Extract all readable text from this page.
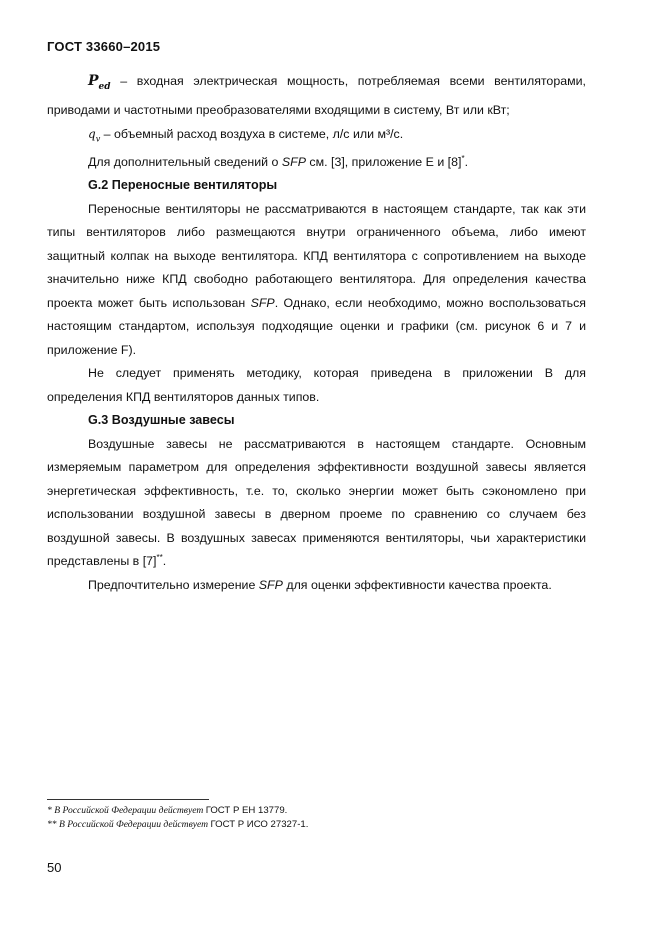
ГОСТ 33660–2015

$P_{ed}$ – входная электрическая мощность, потребляемая всеми вентиляторами, приводами и частотными преобразователями входящими в систему, Вт или кВт;

$q_v$ – объемный расход воздуха в системе, л/с или м³/с.

Для дополнительный сведений о SFP см. [3], приложение Е и [8]*.

G.2 Переносные вентиляторы

Переносные вентиляторы не рассматриваются в настоящем стандарте, так как эти типы вентиляторов либо размещаются внутри ограниченного объема, либо имеют защитный колпак на выходе вентилятора. КПД вентилятора с сопротивлением на выходе значительно ниже КПД свободно работающего вентилятора. Для определения качества проекта может быть использован SFP. Однако, если необходимо, можно воспользоваться настоящим стандартом, используя подходящие оценки и графики (см. рисунок 6 и 7 и приложение F).

Не следует применять методику, которая приведена в приложении В для определения КПД вентиляторов данных типов.

G.3 Воздушные завесы

Воздушные завесы не рассматриваются в настоящем стандарте. Основным измеряемым параметром для определения эффективности воздушной завесы является энергетическая эффективность, т.е. то, сколько энергии может быть сэкономлено при использовании воздушной завесы в дверном проеме по сравнению со случаем без воздушной завесы. В воздушных завесах применяются вентиляторы, чьи характеристики представлены в [7]**.

Предпочтительно измерение SFP для оценки эффективности качества проекта.

* В Российской Федерации действует ГОСТ Р ЕН 13779.
** В Российской Федерации действует ГОСТ Р ИСО 27327-1.
50
